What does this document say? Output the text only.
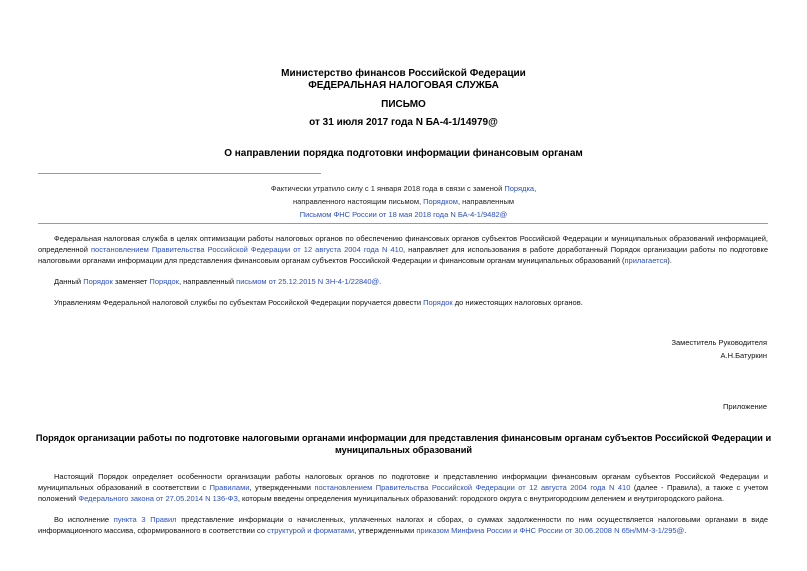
Министерство финансов Российской Федерации
ФЕДЕРАЛЬНАЯ НАЛОГОВАЯ СЛУЖБА
ПИСЬМО
от 31 июля 2017 года N БА-4-1/14979@
О направлении порядка подготовки информации финансовым органам
Фактически утратило силу с 1 января 2018 года в связи с заменой Порядка,
направленного настоящим письмом, Порядком, направленным
Письмом ФНС России от 18 мая 2018 года N БА-4-1/9482@
Федеральная налоговая служба в целях оптимизации работы налоговых органов по обеспечению финансовых органов субъектов Российской Федерации и муниципальных образований информацией, определенной постановлением Правительства Российской Федерации от 12 августа 2004 года N 410, направляет для использования в работе доработанный Порядок организации работы по подготовке налоговыми органами информации для представления финансовым органам субъектов Российской Федерации и финансовым органам муниципальных образований (прилагается).
Данный Порядок заменяет Порядок, направленный письмом от 25.12.2015 N ЗН-4-1/22840@.
Управлениям Федеральной налоговой службы по субъектам Российской Федерации поручается довести Порядок до нижестоящих налоговых органов.
Заместитель Руководителя
А.Н.Батуркин
Приложение
Порядок организации работы по подготовке налоговыми органами информации для представления финансовым органам субъектов Российской Федерации и муниципальных образований
Настоящий Порядок определяет особенности организации работы налоговых органов по подготовке и представлению информации финансовым органам субъектов Российской Федерации и муниципальных образований в соответствии с Правилами, утвержденными постановлением Правительства Российской Федерации от 12 августа 2004 года N 410 (далее - Правила), а также с учетом положений Федерального закона от 27.05.2014 N 136-ФЗ, которым введены определения муниципальных образований: городского округа с внутригородским делением и внутригородского района.
Во исполнение пункта 3 Правил представление информации о начисленных, уплаченных налогах и сборах, о суммах задолженности по ним осуществляется налоговыми органами в виде информационного массива, сформированного в соответствии со структурой и форматами, утвержденными приказом Минфина России и ФНС России от 30.06.2008 N 65н/ММ-3-1/295@.
